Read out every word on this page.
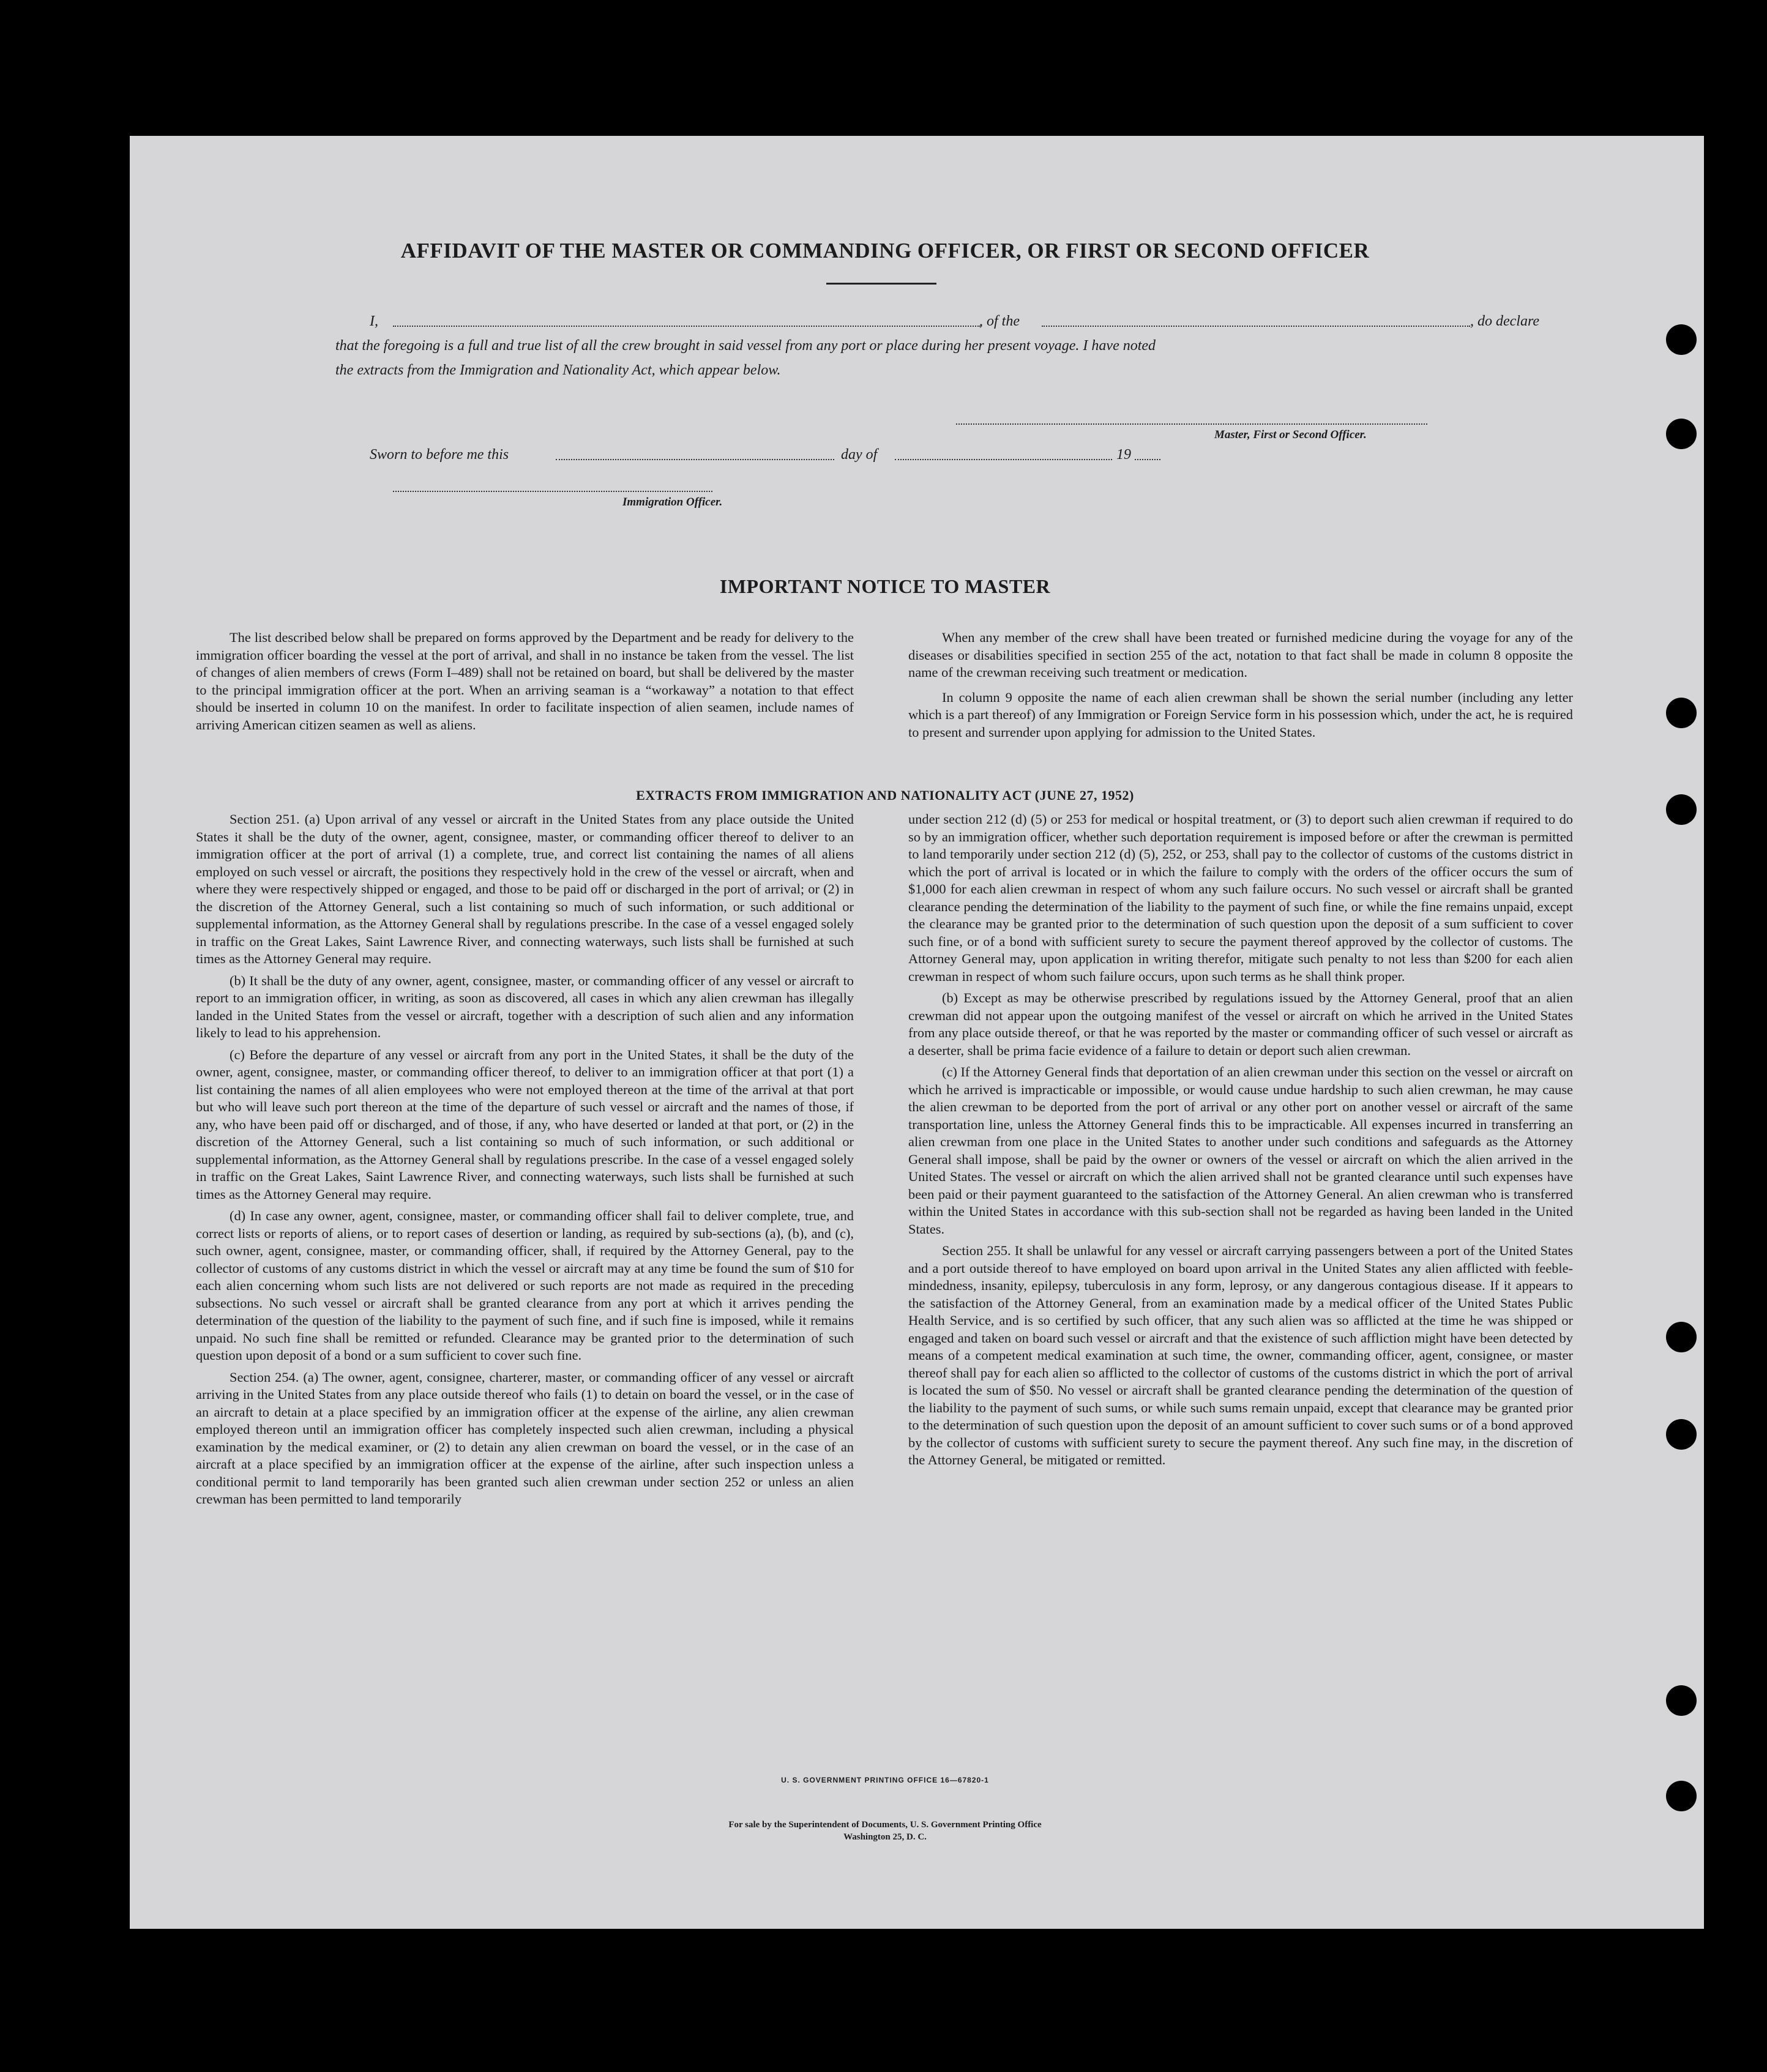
AFFIDAVIT OF THE MASTER OR COMMANDING OFFICER, OR FIRST OR SECOND OFFICER
I,	, of the	, do declare
that the foregoing is a full and true list of all the crew brought in said vessel from any port or place during her present voyage. I have noted
the extracts from the Immigration and Nationality Act, which appear below.
Master, First or Second Officer.
Sworn to before me this	day of	19
Immigration Officer.
IMPORTANT NOTICE TO MASTER

The list described below shall be prepared on forms approved by the Department and be ready for delivery to the immigration officer boarding the vessel at the port of arrival, and shall in no instance be taken from the vessel. The list of changes of alien members of crews (Form I–489) shall not be retained on board, but shall be delivered by the master to the principal immigration officer at the port. When an arriving seaman is a “workaway” a notation to that effect should be inserted in column 10 on the manifest. In order to facilitate inspection of alien seamen, include names of arriving American citizen seamen as well as aliens.

When any member of the crew shall have been treated or furnished medicine during the voyage for any of the diseases or disabilities specified in section 255 of the act, notation to that fact shall be made in column 8 opposite the name of the crewman receiving such treatment or medication.

In column 9 opposite the name of each alien crewman shall be shown the serial number (including any letter which is a part thereof) of any Immigration or Foreign Service form in his possession which, under the act, he is required to present and surrender upon applying for admission to the United States.

EXTRACTS FROM IMMIGRATION AND NATIONALITY ACT (JUNE 27, 1952)

Section 251. (a) Upon arrival of any vessel or aircraft in the United States from any place outside the United States it shall be the duty of the owner, agent, consignee, master, or commanding officer thereof to deliver to an immigration officer at the port of arrival (1) a complete, true, and correct list containing the names of all aliens employed on such vessel or aircraft, the positions they respectively hold in the crew of the vessel or aircraft, when and where they were respectively shipped or engaged, and those to be paid off or discharged in the port of arrival; or (2) in the discretion of the Attorney General, such a list containing so much of such information, or such additional or supplemental information, as the Attorney General shall by regulations prescribe. In the case of a vessel engaged solely in traffic on the Great Lakes, Saint Lawrence River, and connecting waterways, such lists shall be furnished at such times as the Attorney General may require.

(b) It shall be the duty of any owner, agent, consignee, master, or commanding officer of any vessel or aircraft to report to an immigration officer, in writing, as soon as discovered, all cases in which any alien crewman has illegally landed in the United States from the vessel or aircraft, together with a description of such alien and any information likely to lead to his apprehension.

(c) Before the departure of any vessel or aircraft from any port in the United States, it shall be the duty of the owner, agent, consignee, master, or commanding officer thereof, to deliver to an immigration officer at that port (1) a list containing the names of all alien employees who were not employed thereon at the time of the arrival at that port but who will leave such port thereon at the time of the departure of such vessel or aircraft and the names of those, if any, who have been paid off or discharged, and of those, if any, who have deserted or landed at that port, or (2) in the discretion of the Attorney General, such a list containing so much of such information, or such additional or supplemental information, as the Attorney General shall by regulations prescribe. In the case of a vessel engaged solely in traffic on the Great Lakes, Saint Lawrence River, and connecting waterways, such lists shall be furnished at such times as the Attorney General may require.

(d) In case any owner, agent, consignee, master, or commanding officer shall fail to deliver complete, true, and correct lists or reports of aliens, or to report cases of desertion or landing, as required by sub-sections (a), (b), and (c), such owner, agent, consignee, master, or commanding officer, shall, if required by the Attorney General, pay to the collector of customs of any customs district in which the vessel or aircraft may at any time be found the sum of $10 for each alien concerning whom such lists are not delivered or such reports are not made as required in the preceding subsections. No such vessel or aircraft shall be granted clearance from any port at which it arrives pending the determination of the question of the liability to the payment of such fine, and if such fine is imposed, while it remains unpaid. No such fine shall be remitted or refunded. Clearance may be granted prior to the determination of such question upon deposit of a bond or a sum sufficient to cover such fine.

Section 254. (a) The owner, agent, consignee, charterer, master, or commanding officer of any vessel or aircraft arriving in the United States from any place outside thereof who fails (1) to detain on board the vessel, or in the case of an aircraft to detain at a place specified by an immigration officer at the expense of the airline, any alien crewman employed thereon until an immigration officer has completely inspected such alien crewman, including a physical examination by the medical examiner, or (2) to detain any alien crewman on board the vessel, or in the case of an aircraft at a place specified by an immigration officer at the expense of the airline, after such inspection unless a conditional permit to land temporarily has been granted such alien crewman under section 252 or unless an alien crewman has been permitted to land temporarily

under section 212 (d) (5) or 253 for medical or hospital treatment, or (3) to deport such alien crewman if required to do so by an immigration officer, whether such deportation requirement is imposed before or after the crewman is permitted to land temporarily under section 212 (d) (5), 252, or 253, shall pay to the collector of customs of the customs district in which the port of arrival is located or in which the failure to comply with the orders of the officer occurs the sum of $1,000 for each alien crewman in respect of whom any such failure occurs. No such vessel or aircraft shall be granted clearance pending the determination of the liability to the payment of such fine, or while the fine remains unpaid, except the clearance may be granted prior to the determination of such question upon the deposit of a sum sufficient to cover such fine, or of a bond with sufficient surety to secure the payment thereof approved by the collector of customs. The Attorney General may, upon application in writing therefor, mitigate such penalty to not less than $200 for each alien crewman in respect of whom such failure occurs, upon such terms as he shall think proper.

(b) Except as may be otherwise prescribed by regulations issued by the Attorney General, proof that an alien crewman did not appear upon the outgoing manifest of the vessel or aircraft on which he arrived in the United States from any place outside thereof, or that he was reported by the master or commanding officer of such vessel or aircraft as a deserter, shall be prima facie evidence of a failure to detain or deport such alien crewman.

(c) If the Attorney General finds that deportation of an alien crewman under this section on the vessel or aircraft on which he arrived is impracticable or impossible, or would cause undue hardship to such alien crewman, he may cause the alien crewman to be deported from the port of arrival or any other port on another vessel or aircraft of the same transportation line, unless the Attorney General finds this to be impracticable. All expenses incurred in transferring an alien crewman from one place in the United States to another under such conditions and safeguards as the Attorney General shall impose, shall be paid by the owner or owners of the vessel or aircraft on which the alien arrived in the United States. The vessel or aircraft on which the alien arrived shall not be granted clearance until such expenses have been paid or their payment guaranteed to the satisfaction of the Attorney General. An alien crewman who is transferred within the United States in accordance with this sub-section shall not be regarded as having been landed in the United States.

Section 255. It shall be unlawful for any vessel or aircraft carrying passengers between a port of the United States and a port outside thereof to have employed on board upon arrival in the United States any alien afflicted with feeble-mindedness, insanity, epilepsy, tuberculosis in any form, leprosy, or any dangerous contagious disease. If it appears to the satisfaction of the Attorney General, from an examination made by a medical officer of the United States Public Health Service, and is so certified by such officer, that any such alien was so afflicted at the time he was shipped or engaged and taken on board such vessel or aircraft and that the existence of such affliction might have been detected by means of a competent medical examination at such time, the owner, commanding officer, agent, consignee, or master thereof shall pay for each alien so afflicted to the collector of customs of the customs district in which the port of arrival is located the sum of $50. No vessel or aircraft shall be granted clearance pending the determination of the question of the liability to the payment of such sums, or while such sums remain unpaid, except that clearance may be granted prior to the determination of such question upon the deposit of an amount sufficient to cover such sums or of a bond approved by the collector of customs with sufficient surety to secure the payment thereof. Any such fine may, in the discretion of the Attorney General, be mitigated or remitted.

U. S. GOVERNMENT PRINTING OFFICE 16—67820-1
For sale by the Superintendent of Documents, U. S. Government Printing Office
Washington 25, D. C.
